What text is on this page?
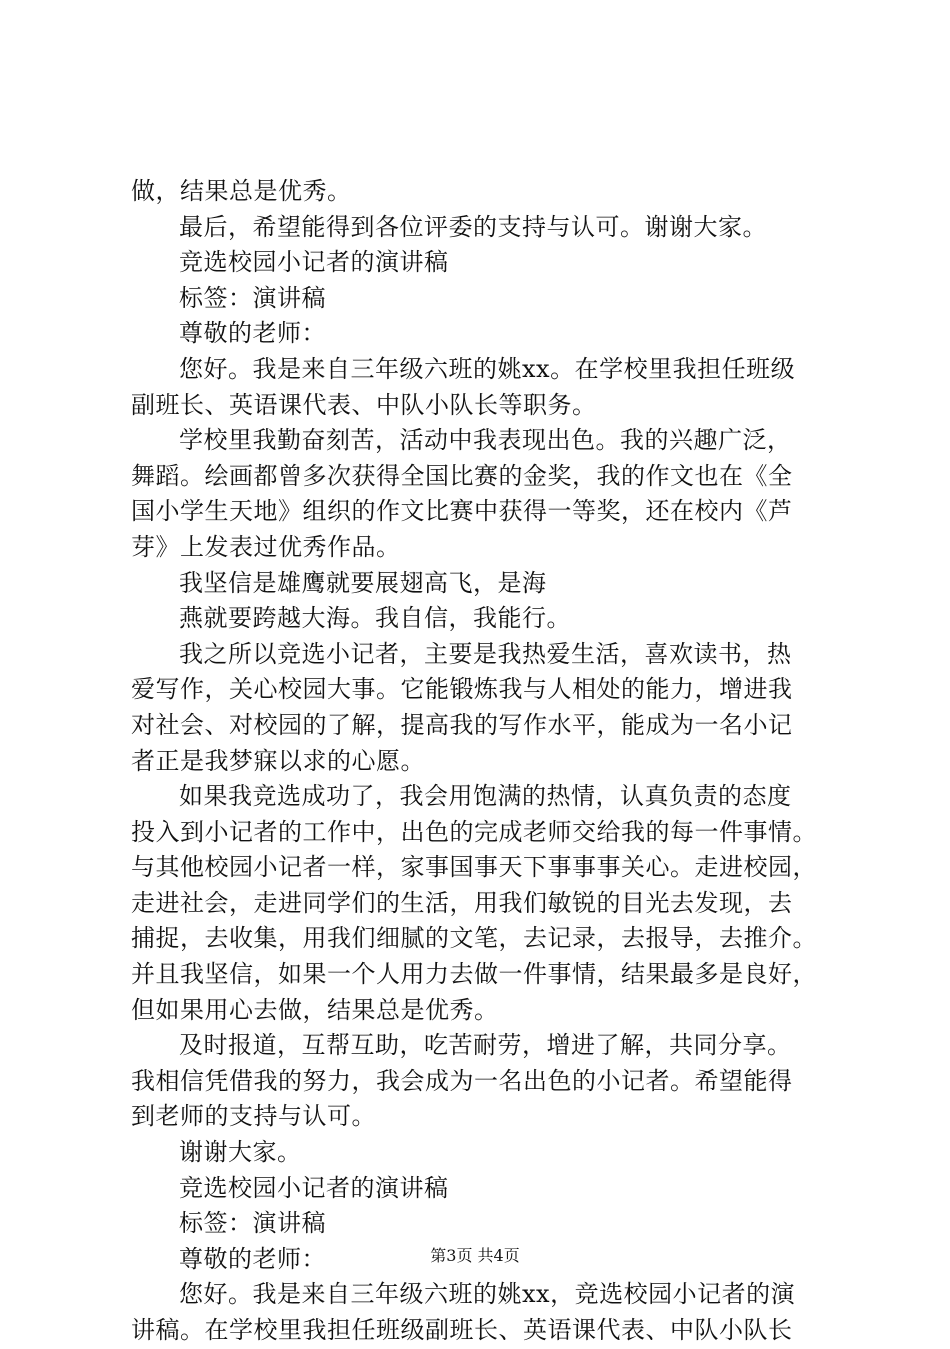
做，结果总是优秀。
最后，希望能得到各位评委的支持与认可。谢谢大家。
竞选校园小记者的演讲稿
标签：演讲稿
尊敬的老师：
您好。我是来自三年级六班的姚xx。在学校里我担任班级
副班长、英语课代表、中队小队长等职务。
学校里我勤奋刻苦，活动中我表现出色。我的兴趣广泛，
舞蹈。绘画都曾多次获得全国比赛的金奖，我的作文也在《全
国小学生天地》组织的作文比赛中获得一等奖，还在校内《芦
芽》上发表过优秀作品。
我坚信是雄鹰就要展翅高飞，是海
燕就要跨越大海。我自信，我能行。
我之所以竞选小记者，主要是我热爱生活，喜欢读书，热
爱写作，关心校园大事。它能锻炼我与人相处的能力，增进我
对社会、对校园的了解，提高我的写作水平，能成为一名小记
者正是我梦寐以求的心愿。
如果我竞选成功了，我会用饱满的热情，认真负责的态度
投入到小记者的工作中，出色的完成老师交给我的每一件事情。
与其他校园小记者一样，家事国事天下事事事关心。走进校园，
走进社会，走进同学们的生活，用我们敏锐的目光去发现，去
捕捉，去收集，用我们细腻的文笔，去记录，去报导，去推介。
并且我坚信，如果一个人用力去做一件事情，结果最多是良好，
但如果用心去做，结果总是优秀。
及时报道，互帮互助，吃苦耐劳，增进了解，共同分享。
我相信凭借我的努力，我会成为一名出色的小记者。希望能得
到老师的支持与认可。
谢谢大家。
竞选校园小记者的演讲稿
标签：演讲稿
尊敬的老师：
您好。我是来自三年级六班的姚xx，竞选校园小记者的演
讲稿。在学校里我担任班级副班长、英语课代表、中队小队长
第3页 共4页
